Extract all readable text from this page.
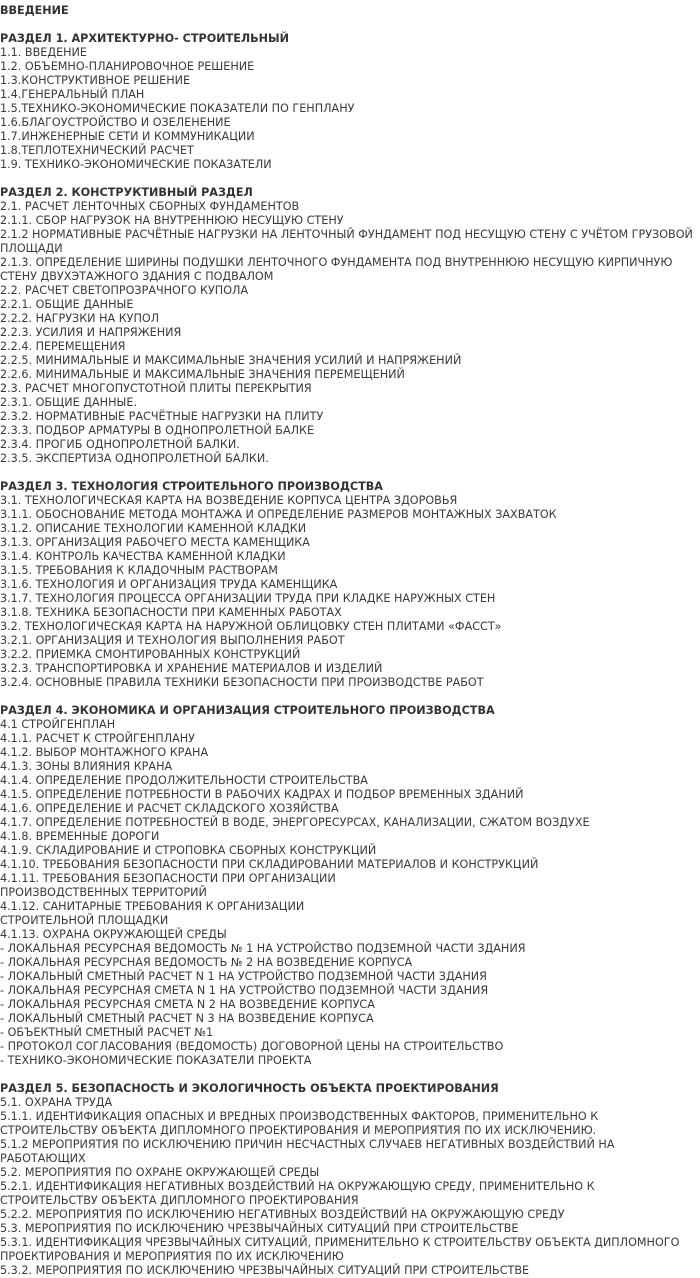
ВВЕДЕНИЕ
РАЗДЕЛ 1. АРХИТЕКТУРНО- СТРОИТЕЛЬНЫЙ
1.1. ВВЕДЕНИЕ
1.2. ОБЪЕМНО-ПЛАНИРОВОЧНОЕ РЕШЕНИЕ
1.3.КОНСТРУКТИВНОЕ РЕШЕНИЕ
1.4.ГЕНЕРАЛЬНЫЙ ПЛАН
1.5.ТЕХНИКО-ЭКОНОМИЧЕСКИЕ ПОКАЗАТЕЛИ ПО ГЕНПЛАНУ
1.6.БЛАГОУСТРОЙСТВО И ОЗЕЛЕНЕНИЕ
1.7.ИНЖЕНЕРНЫЕ СЕТИ И КОММУНИКАЦИИ
1.8.ТЕПЛОТЕХНИЧЕСКИЙ РАСЧЕТ
1.9. ТЕХНИКО-ЭКОНОМИЧЕСКИЕ ПОКАЗАТЕЛИ
РАЗДЕЛ 2. КОНСТРУКТИВНЫЙ РАЗДЕЛ
2.1. РАСЧЕТ ЛЕНТОЧНЫХ СБОРНЫХ ФУНДАМЕНТОВ
2.1.1. СБОР НАГРУЗОК НА ВНУТРЕННЮЮ НЕСУЩУЮ СТЕНУ
2.1.2 НОРМАТИВНЫЕ РАСЧЁТНЫЕ НАГРУЗКИ НА ЛЕНТОЧНЫЙ ФУНДАМЕНТ ПОД НЕСУЩУЮ СТЕНУ С УЧЁТОМ ГРУЗОВОЙ ПЛОЩАДИ
2.1.3. ОПРЕДЕЛЕНИЕ ШИРИНЫ ПОДУШКИ ЛЕНТОЧНОГО ФУНДАМЕНТА ПОД ВНУТРЕННЮЮ НЕСУЩУЮ КИРПИЧНУЮ СТЕНУ ДВУХЭТАЖНОГО ЗДАНИЯ С ПОДВАЛОМ
2.2. РАСЧЕТ СВЕТОПРОЗРАЧНОГО КУПОЛА
2.2.1. ОБЩИЕ ДАННЫЕ
2.2.2. НАГРУЗКИ НА КУПОЛ
2.2.3. УСИЛИЯ И НАПРЯЖЕНИЯ
2.2.4. ПЕРЕМЕЩЕНИЯ
2.2.5. МИНИМАЛЬНЫЕ И МАКСИМАЛЬНЫЕ ЗНАЧЕНИЯ УСИЛИЙ И НАПРЯЖЕНИЙ
2.2.6. МИНИМАЛЬНЫЕ И МАКСИМАЛЬНЫЕ ЗНАЧЕНИЯ ПЕРЕМЕЩЕНИЙ
2.3. РАСЧЕТ МНОГОПУСТОТНОЙ ПЛИТЫ ПЕРЕКРЫТИЯ
2.3.1. ОБЩИЕ ДАННЫЕ.
2.3.2. НОРМАТИВНЫЕ РАСЧЁТНЫЕ НАГРУЗКИ НА ПЛИТУ
2.3.3. ПОДБОР АРМАТУРЫ В ОДНОПРОЛЕТНОЙ БАЛКЕ
2.3.4. ПРОГИБ ОДНОПРОЛЕТНОЙ БАЛКИ.
2.3.5. ЭКСПЕРТИЗА ОДНОПРОЛЕТНОЙ БАЛКИ.
РАЗДЕЛ 3. ТЕХНОЛОГИЯ СТРОИТЕЛЬНОГО ПРОИЗВОДСТВА
3.1. ТЕХНОЛОГИЧЕСКАЯ КАРТА НА ВОЗВЕДЕНИЕ КОРПУСА ЦЕНТРА ЗДОРОВЬЯ
3.1.1. ОБОСНОВАНИЕ МЕТОДА МОНТАЖА И ОПРЕДЕЛЕНИЕ РАЗМЕРОВ МОНТАЖНЫХ ЗАХВАТОК
3.1.2. ОПИСАНИЕ ТЕХНОЛОГИИ КАМЕННОЙ КЛАДКИ
3.1.3. ОРГАНИЗАЦИЯ РАБОЧЕГО МЕСТА КАМЕНЩИКА
3.1.4. КОНТРОЛЬ КАЧЕСТВА КАМЕННОЙ КЛАДКИ
3.1.5. ТРЕБОВАНИЯ К КЛАДОЧНЫМ РАСТВОРАМ
3.1.6. ТЕХНОЛОГИЯ И ОРГАНИЗАЦИЯ ТРУДА КАМЕНЩИКА
3.1.7. ТЕХНОЛОГИЯ ПРОЦЕССА ОРГАНИЗАЦИИ ТРУДА ПРИ КЛАДКЕ НАРУЖНЫХ СТЕН
3.1.8. ТЕХНИКА БЕЗОПАСНОСТИ ПРИ КАМЕННЫХ РАБОТАХ
3.2. ТЕХНОЛОГИЧЕСКАЯ КАРТА НА НАРУЖНОЙ ОБЛИЦОВКУ СТЕН ПЛИТАМИ «ФАССТ»
3.2.1. ОРГАНИЗАЦИЯ И ТЕХНОЛОГИЯ ВЫПОЛНЕНИЯ РАБОТ
3.2.2. ПРИЕМКА СМОНТИРОВАННЫХ КОНСТРУКЦИЙ
3.2.3. ТРАНСПОРТИРОВКА И ХРАНЕНИЕ МАТЕРИАЛОВ И ИЗДЕЛИЙ
3.2.4. ОСНОВНЫЕ ПРАВИЛА ТЕХНИКИ БЕЗОПАСНОСТИ ПРИ ПРОИЗВОДСТВЕ РАБОТ
РАЗДЕЛ 4. ЭКОНОМИКА И ОРГАНИЗАЦИЯ СТРОИТЕЛЬНОГО ПРОИЗВОДСТВА
4.1 СТРОЙГЕНПЛАН
4.1.1. РАСЧЕТ К СТРОЙГЕНПЛАНУ
4.1.2. ВЫБОР МОНТАЖНОГО КРАНА
4.1.3. ЗОНЫ ВЛИЯНИЯ КРАНА
4.1.4. ОПРЕДЕЛЕНИЕ ПРОДОЛЖИТЕЛЬНОСТИ СТРОИТЕЛЬСТВА
4.1.5. ОПРЕДЕЛЕНИЕ ПОТРЕБНОСТИ В РАБОЧИХ КАДРАХ И ПОДБОР ВРЕМЕННЫХ ЗДАНИЙ
4.1.6. ОПРЕДЕЛЕНИЕ И РАСЧЕТ СКЛАДСКОГО ХОЗЯЙСТВА
4.1.7. ОПРЕДЕЛЕНИЕ ПОТРЕБНОСТЕЙ В ВОДЕ, ЭНЕРГОРЕСУРСАХ, КАНАЛИЗАЦИИ, СЖАТОМ ВОЗДУХЕ
4.1.8. ВРЕМЕННЫЕ ДОРОГИ
4.1.9. СКЛАДИРОВАНИЕ И СТРОПОВКА СБОРНЫХ КОНСТРУКЦИЙ
4.1.10. ТРЕБОВАНИЯ БЕЗОПАСНОСТИ ПРИ СКЛАДИРОВАНИИ МАТЕРИАЛОВ И КОНСТРУКЦИЙ
4.1.11. ТРЕБОВАНИЯ БЕЗОПАСНОСТИ ПРИ ОРГАНИЗАЦИИ
ПРОИЗВОДСТВЕННЫХ ТЕРРИТОРИЙ
4.1.12. САНИТАРНЫЕ ТРЕБОВАНИЯ К ОРГАНИЗАЦИИ
СТРОИТЕЛЬНОЙ ПЛОЩАДКИ
4.1.13. ОХРАНА ОКРУЖАЮЩЕЙ СРЕДЫ
- ЛОКАЛЬНАЯ РЕСУРСНАЯ ВЕДОМОСТЬ № 1 НА УСТРОЙСТВО ПОДЗЕМНОЙ ЧАСТИ ЗДАНИЯ
- ЛОКАЛЬНАЯ РЕСУРСНАЯ ВЕДОМОСТЬ № 2 НА ВОЗВЕДЕНИЕ КОРПУСА
- ЛОКАЛЬНЫЙ СМЕТНЫЙ РАСЧЕТ N 1 НА УСТРОЙСТВО ПОДЗЕМНОЙ ЧАСТИ ЗДАНИЯ
- ЛОКАЛЬНАЯ РЕСУРСНАЯ СМЕТА N 1 НА УСТРОЙСТВО ПОДЗЕМНОЙ ЧАСТИ ЗДАНИЯ
- ЛОКАЛЬНАЯ РЕСУРСНАЯ СМЕТА N 2 НА ВОЗВЕДЕНИЕ КОРПУСА
- ЛОКАЛЬНЫЙ СМЕТНЫЙ РАСЧЕТ N 3 НА ВОЗВЕДЕНИЕ КОРПУСА
- ОБЪЕКТНЫЙ СМЕТНЫЙ РАСЧЕТ №1
- ПРОТОКОЛ СОГЛАСОВАНИЯ (ВЕДОМОСТЬ) ДОГОВОРНОЙ ЦЕНЫ НА СТРОИТЕЛЬСТВО
- ТЕХНИКО-ЭКОНОМИЧЕСКИЕ ПОКАЗАТЕЛИ ПРОЕКТА
РАЗДЕЛ 5. БЕЗОПАСНОСТЬ И ЭКОЛОГИЧНОСТЬ ОБЪЕКТА ПРОЕКТИРОВАНИЯ
5.1. ОХРАНА ТРУДА
5.1.1. ИДЕНТИФИКАЦИЯ ОПАСНЫХ И ВРЕДНЫХ ПРОИЗВОДСТВЕННЫХ ФАКТОРОВ, ПРИМЕНИТЕЛЬНО К СТРОИТЕЛЬСТВУ ОБЪЕКТА ДИПЛОМНОГО ПРОЕКТИРОВАНИЯ И МЕРОПРИЯТИЯ ПО ИХ ИСКЛЮЧЕНИЮ.
5.1.2 МЕРОПРИЯТИЯ ПО ИСКЛЮЧЕНИЮ ПРИЧИН НЕСЧАСТНЫХ СЛУЧАЕВ НЕГАТИВНЫХ ВОЗДЕЙСТВИЙ НА РАБОТАЮЩИХ
5.2. МЕРОПРИЯТИЯ ПО ОХРАНЕ ОКРУЖАЮЩЕЙ СРЕДЫ
5.2.1. ИДЕНТИФИКАЦИЯ НЕГАТИВНЫХ ВОЗДЕЙСТВИЙ НА ОКРУЖАЮЩУЮ СРЕДУ, ПРИМЕНИТЕЛЬНО К СТРОИТЕЛЬСТВУ ОБЪЕКТА ДИПЛОМНОГО ПРОЕКТИРОВАНИЯ
5.2.2. МЕРОПРИЯТИЯ ПО ИСКЛЮЧЕНИЮ НЕГАТИВНЫХ ВОЗДЕЙСТВИЙ НА ОКРУЖАЮЩУЮ СРЕДУ
5.3. МЕРОПРИЯТИЯ ПО ИСКЛЮЧЕНИЮ ЧРЕЗВЫЧАЙНЫХ СИТУАЦИЙ ПРИ СТРОИТЕЛЬСТВЕ
5.3.1. ИДЕНТИФИКАЦИЯ ЧРЕЗВЫЧАЙНЫХ СИТУАЦИЙ, ПРИМЕНИТЕЛЬНО К СТРОИТЕЛЬСТВУ ОБЪЕКТА ДИПЛОМНОГО ПРОЕКТИРОВАНИЯ И МЕРОПРИЯТИЯ ПО ИХ ИСКЛЮЧЕНИЮ
5.3.2. МЕРОПРИЯТИЯ ПО ИСКЛЮЧЕНИЮ ЧРЕЗВЫЧАЙНЫХ СИТУАЦИЙ ПРИ СТРОИТЕЛЬСТВЕ
